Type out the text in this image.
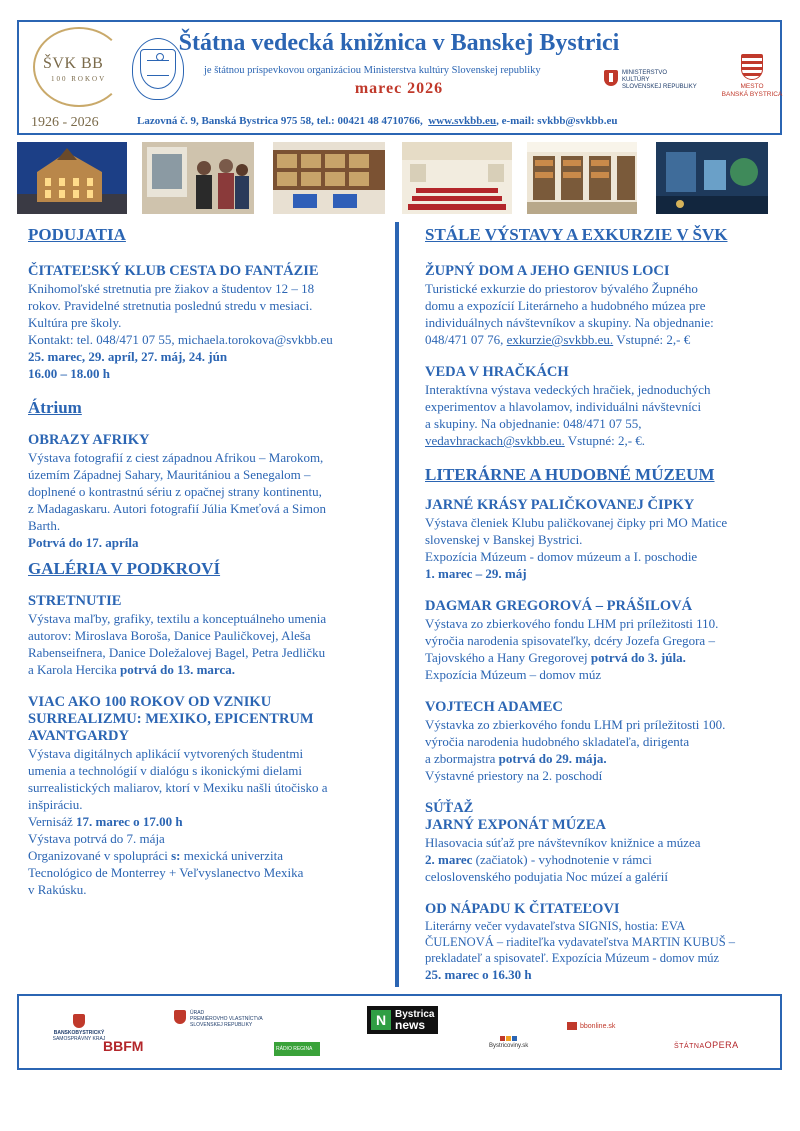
ŠVK BB
100 ROKOV
1926 - 2026
Štátna vedecká knižnica v Banskej Bystrici
je štátnou príspevkovou organizáciou Ministerstva kultúry Slovenskej republiky
marec 2026
Lazovná č. 9, Banská Bystrica 975 58, tel.: 00421 48 4710766, www.svkbb.eu, e-mail: svkbb@svkbb.eu
MINISTERSTVO
KULTÚRY
SLOVENSKEJ REPUBLIKY	MESTO
BANSKÁ BYSTRICA
PODUJATIA
ČITATEĽSKÝ KLUB CESTA DO FANTÁZIE
Knihomoľské stretnutia pre žiakov a študentov 12 – 18
rokov. Pravidelné stretnutia poslednú stredu v mesiaci.
Kultúra pre školy.
Kontakt: tel. 048/471 07 55, michaela.torokova@svkbb.eu
25. marec, 29. apríl, 27. máj, 24. jún
16.00 – 18.00 h
Átrium
OBRAZY AFRIKY
Výstava fotografií z ciest západnou Afrikou – Marokom,
územím Západnej Sahary, Mauritániou a Senegalom –
doplnené o kontrastnú sériu z opačnej strany kontinentu,
z Madagaskaru. Autori fotografií Júlia Kmeťová a Simon
Barth.
Potrvá do 17. apríla
GALÉRIA V PODKROVÍ
STRETNUTIE
Výstava maľby, grafiky, textilu a konceptuálneho umenia
autorov: Miroslava Boroša, Danice Pauličkovej, Aleša
Rabenseifnera, Danice Doležalovej Bagel, Petra Jedličku
a Karola Hercika potrvá do 13. marca.
VIAC AKO 100 ROKOV OD VZNIKU
SURREALIZMU: MEXIKO, EPICENTRUM
AVANTGARDY
Výstava digitálnych aplikácií vytvorených študentmi
umenia a technológií v dialógu s ikonickými dielami
surrealistických maliarov, ktorí v Mexiku našli útočisko a
inšpiráciu.
Vernisáž 17. marec o 17.00 h
Výstava potrvá do 7. mája
Organizované v spolupráci s: mexická univerzita
Tecnológico de Monterrey + Veľvyslanectvo Mexika
v Rakúsku.
STÁLE VÝSTAVY A EXKURZIE V ŠVK
ŽUPNÝ DOM A JEHO GENIUS LOCI
Turistické exkurzie do priestorov bývalého Župného
domu a expozícií Literárneho a hudobného múzea pre
individuálnych návštevníkov a skupiny. Na objednanie:
048/471 07 76, exkurzie@svkbb.eu. Vstupné: 2,- €
VEDA V HRAČKÁCH
Interaktívna výstava vedeckých hračiek, jednoduchých
experimentov a hlavolamov, individuálni návštevníci
a skupiny. Na objednanie: 048/471 07 55,
vedavhrackach@svkbb.eu. Vstupné: 2,- €.
LITERÁRNE A HUDOBNÉ MÚZEUM
JARNÉ KRÁSY PALIČKOVANEJ ČIPKY
Výstava členiek Klubu paličkovanej čipky pri MO Matice
slovenskej v Banskej Bystrici.
Expozícia Múzeum - domov múzeum a I. poschodie
1. marec – 29. máj
DAGMAR GREGOROVÁ – PRÁŠILOVÁ
Výstava zo zbierkového fondu LHM pri príležitosti 110.
výročia narodenia spisovateľky, dcéry Jozefa Gregora –
Tajovského a Hany Gregorovej potrvá do 3. júla.
Expozícia Múzeum – domov múz
VOJTECH ADAMEC
Výstavka zo zbierkového fondu LHM pri príležitosti 100.
výročia narodenia hudobného skladateľa, dirigenta
a zbormajstra potrvá do 29. mája.
Výstavné priestory na 2. poschodí
SÚŤAŽ
JARNÝ EXPONÁT MÚZEA
Hlasovacia súťaž pre návštevníkov knižnice a múzea
2. marec (začiatok) - vyhodnotenie v rámci
celoslovenského podujatia Noc múzeí a galérií
OD NÁPADU K ČITATEĽOVI
Literárny večer vydavateľstva SIGNIS, hostia: EVA
ČULENOVÁ – riaditeľka vydavateľstva MARTIN KUBUŠ –
prekladateľ a spisovateľ. Expozícia Múzeum - domov múz
25. marec o 16.30 h
BANSKOBYSTRICKÝ
SAMOSPRÁVNY KRAJ
ÚRAD
PREMIÉROVHO VLASTNÍCTVA
SLOVENSKEJ REPUBLIKY
BBFM	RÁDIO REGINA
N Bystrica
news
Bystricoviny.sk
bbonline.sk
ŠTÁTNAOPERA
